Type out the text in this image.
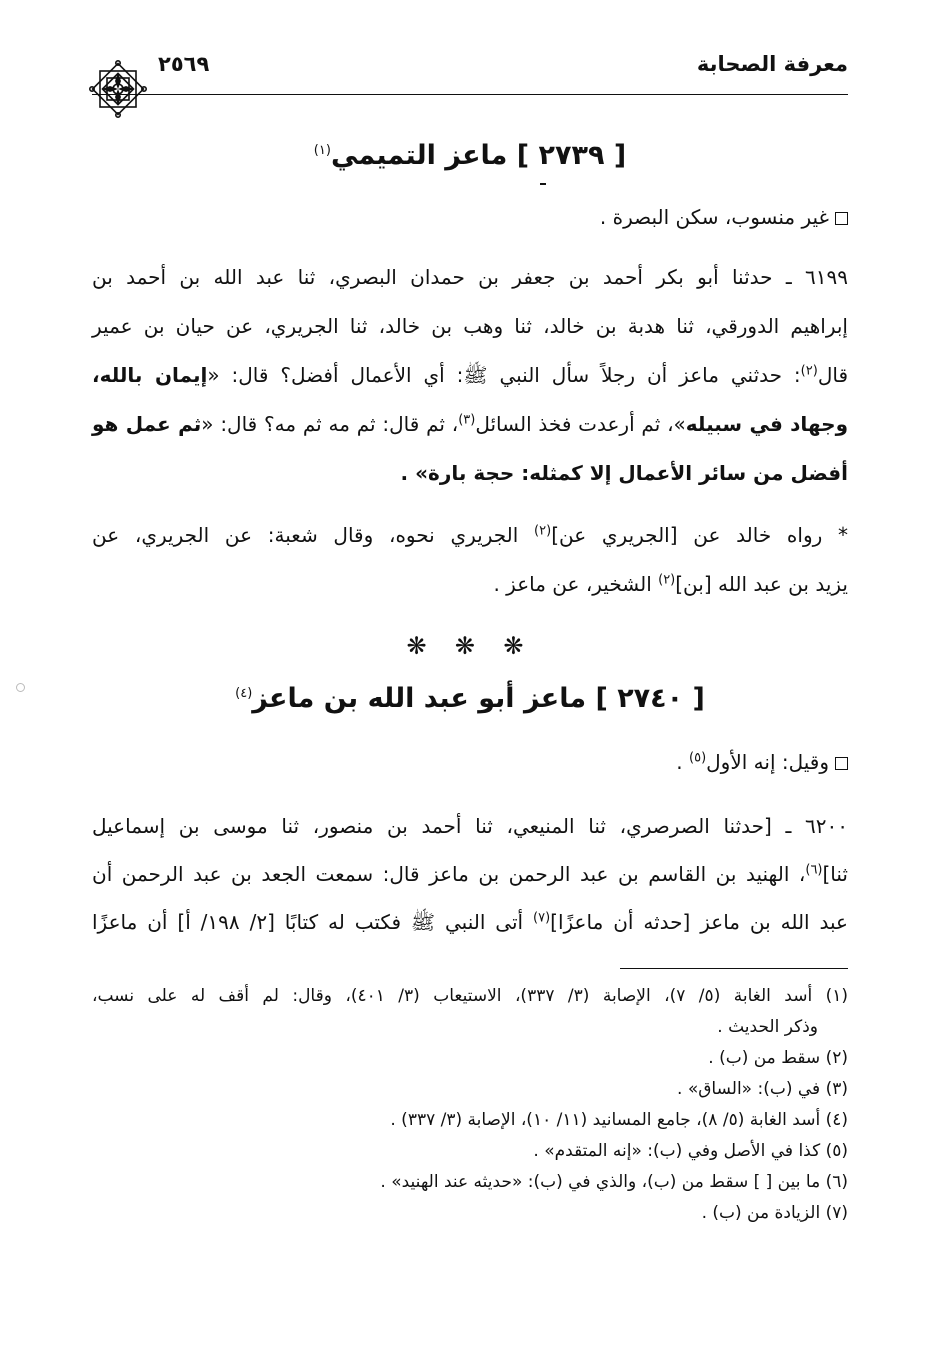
معرفة الصحابة
٢٥٦٩
[ ٢٧٣٩ ] ماعز التميمي$^{(١)}$
غير منسوب، سكن البصرة .
٦١٩٩ ـ حدثنا أبو بكر أحمد بن جعفر بن حمدان البصري، ثنا عبد الله بن أحمد بن
إبراهيم الدورقي، ثنا هدبة بن خالد، ثنا وهب بن خالد، ثنا الجريري، عن حيان بن عمير
قال$^{(٢)}$: حدثني ماعز أن رجلاً سأل النبي ﷺ: أي الأعمال أفضل؟ قال: «إيمان بالله،
وجهاد في سبيله»، ثم أرعدت فخذ السائل$^{(٣)}$، ثم قال: ثم مه ثم مه؟ قال: «ثم عمل هو
أفضل من سائر الأعمال إلا كمثله: حجة بارة» .
* رواه خالد عن [الجريري عن]$^{(٢)}$ الجريري نحوه، وقال شعبة: عن الجريري، عن
يزيد بن عبد الله [بن]$^{(٢)}$ الشخير، عن ماعز .
❋ ❋ ❋
[ ٢٧٤٠ ] ماعز أبو عبد الله بن ماعز$^{(٤)}$
وقيل: إنه الأول$^{(٥)}$ .
٦٢٠٠ ـ [حدثنا الصرصري، ثنا المنيعي، ثنا أحمد بن منصور، ثنا موسى بن إسماعيل
ثنا]$^{(٦)}$، الهنيد بن القاسم بن عبد الرحمن بن ماعز قال: سمعت الجعد بن عبد الرحمن أن
عبد الله بن ماعز [حدثه أن ماعزًا]$^{(٧)}$ أتى النبي ﷺ فكتب له كتابًا [٢/ ١٩٨/ أ] أن ماعزًا
(١) أسد الغابة (٥/ ٧)، الإصابة (٣/ ٣٣٧)، الاستيعاب (٣/ ٤٠١)، وقال: لم أقف له على نسب،
وذكر الحديث .
(٢) سقط من (ب) .
(٣) في (ب): «الساق» .
(٤) أسد الغابة (٥/ ٨)، جامع المسانيد (١١/ ١٠)، الإصابة (٣/ ٣٣٧) .
(٥) كذا في الأصل وفي (ب): «إنه المتقدم» .
(٦) ما بين [ ] سقط من (ب)، والذي في (ب): «حديثه عند الهنيد» .
(٧) الزيادة من (ب) .
